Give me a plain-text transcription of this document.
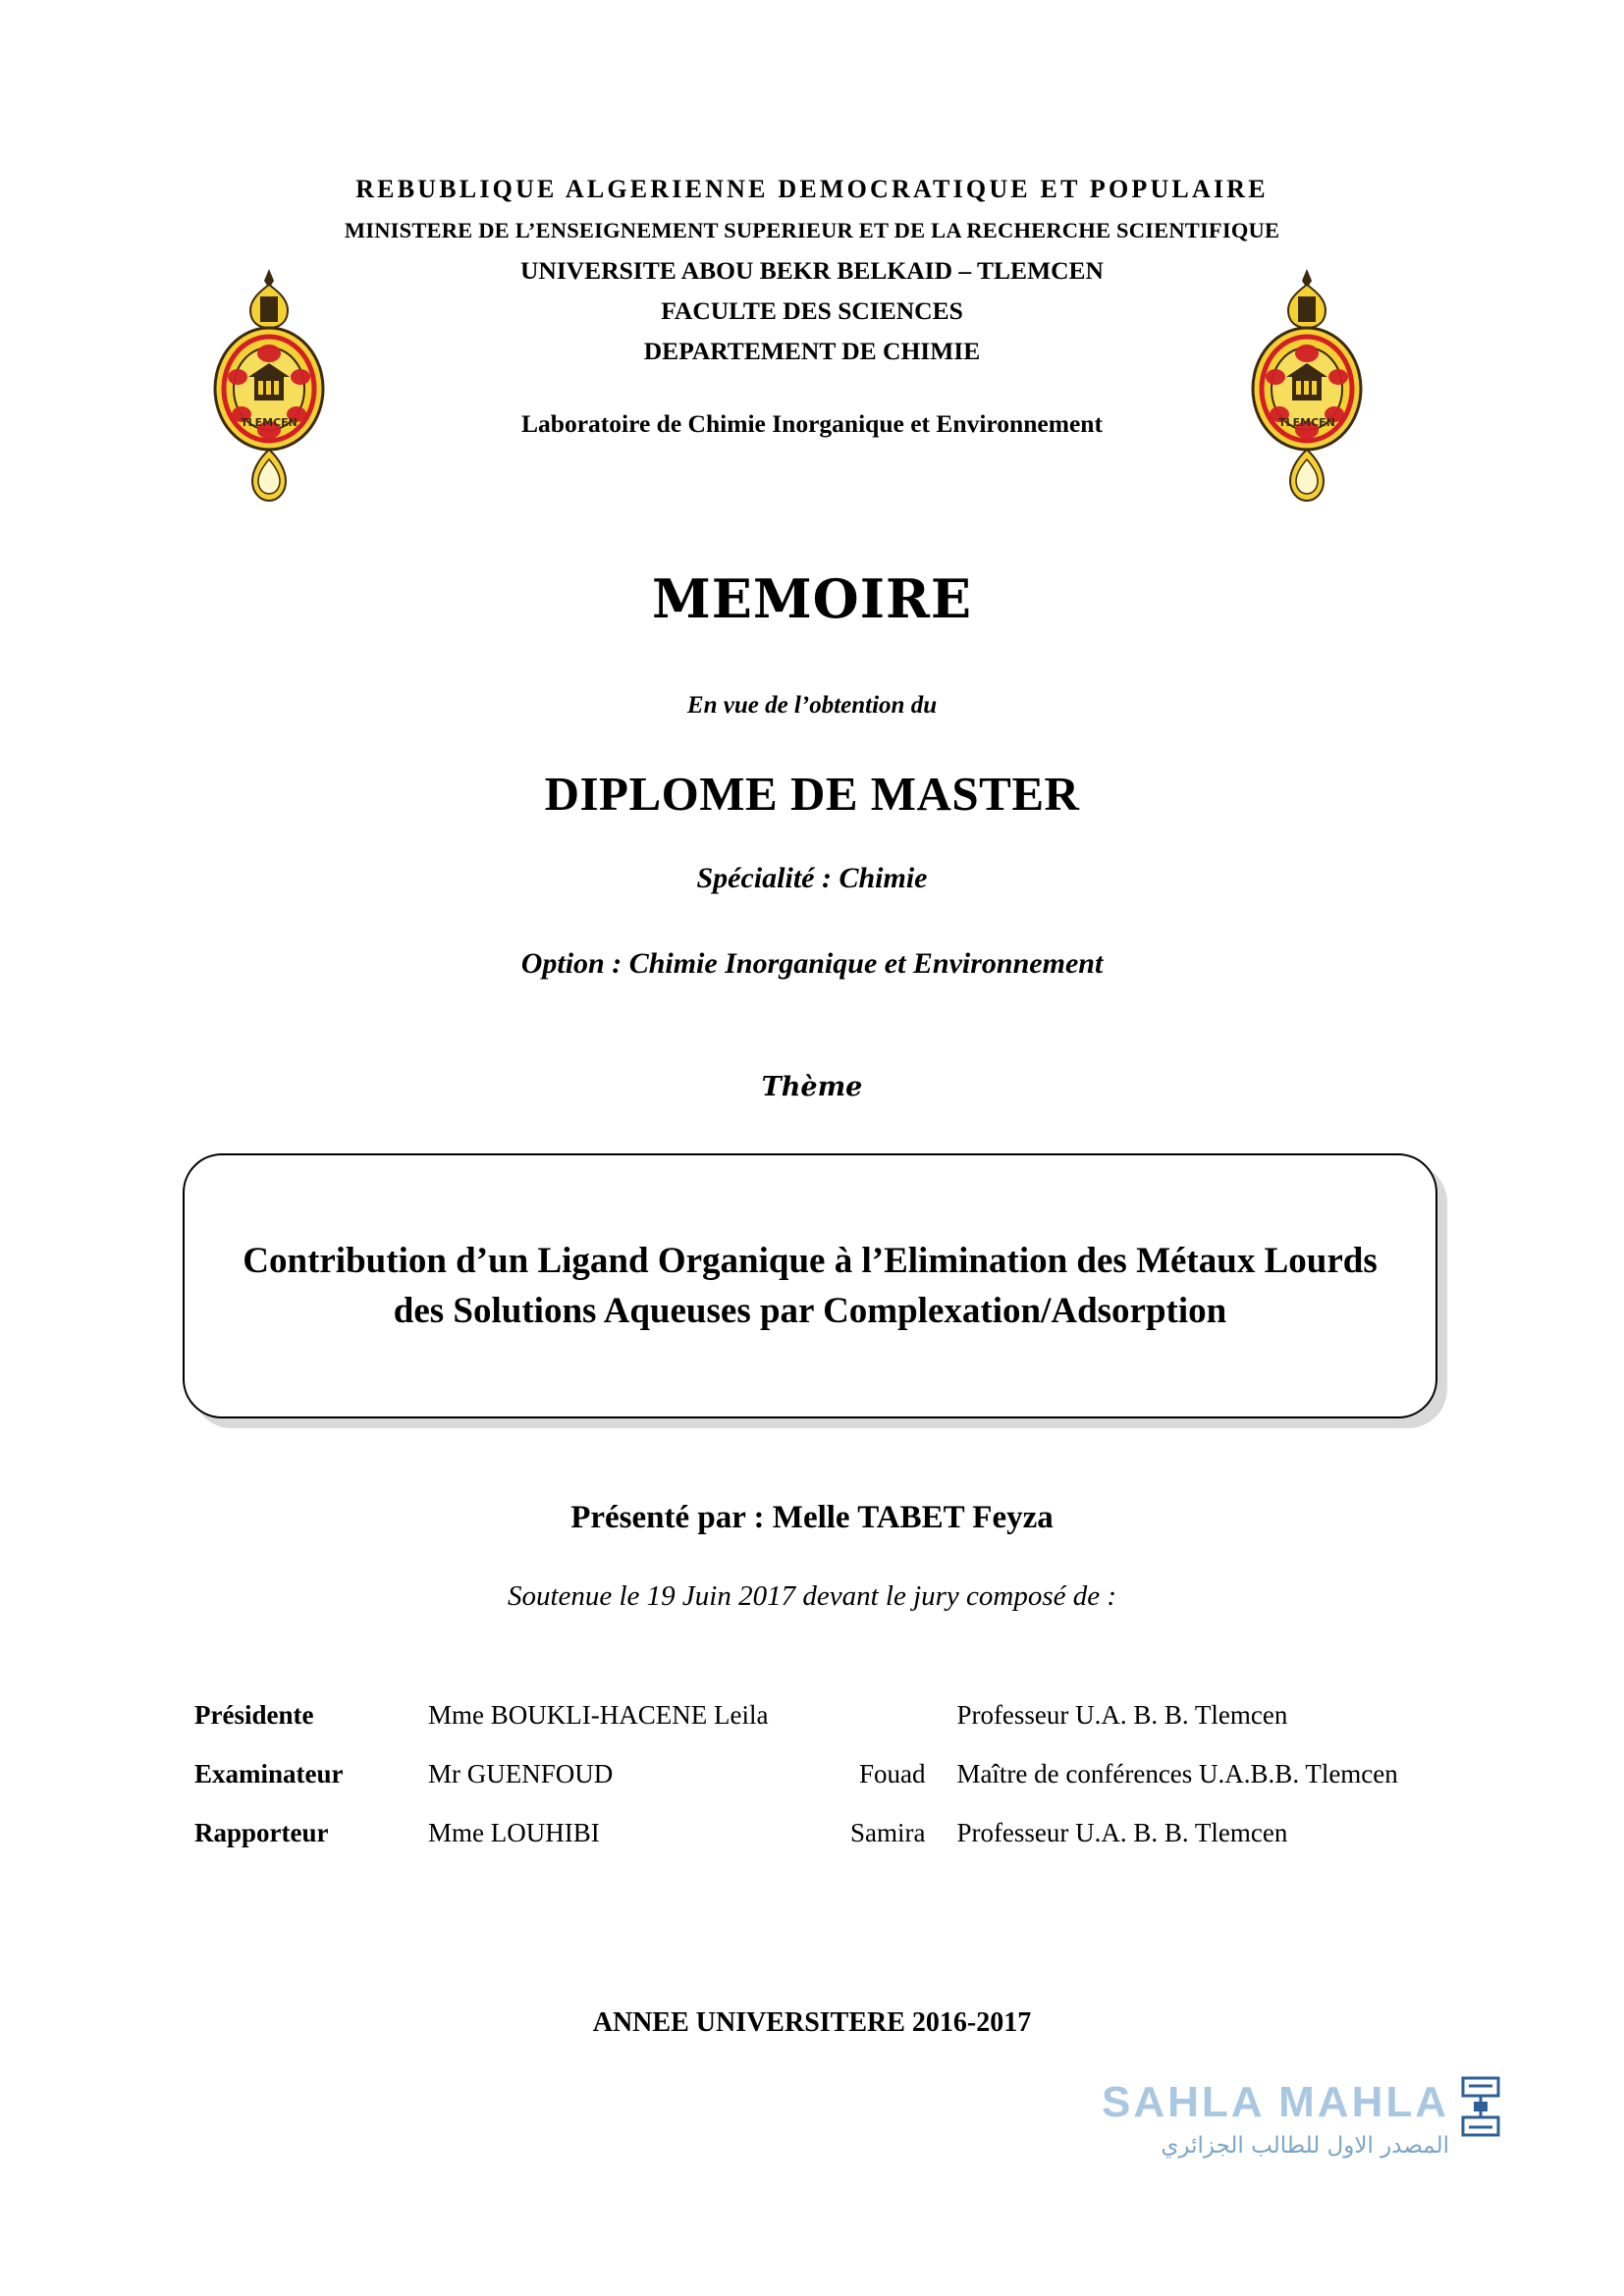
REBUBLIQUE ALGERIENNE DEMOCRATIQUE ET POPULAIRE
MINISTERE DE L’ENSEIGNEMENT SUPERIEUR ET DE LA RECHERCHE SCIENTIFIQUE
UNIVERSITE ABOU BEKR BELKAID – TLEMCEN
FACULTE DES SCIENCES
DEPARTEMENT DE CHIMIE
Laboratoire de Chimie Inorganique et Environnement
TLEMCEN	TLEMCEN
MEMOIRE
En vue de l’obtention du
DIPLOME DE MASTER
Spécialité : Chimie
Option : Chimie Inorganique et Environnement
Thème
Contribution d’un Ligand Organique à l’Elimination des Métaux Lourds des Solutions Aqueuses par Complexation/Adsorption
Présenté par : Melle TABET Feyza
Soutenue le 19 Juin 2017 devant le jury composé de :
Présidente	Mme BOUKLI-HACENE Leila		Professeur U.A. B. B. Tlemcen
Examinateur	Mr GUENFOUD	Fouad	Maître de conférences U.A.B.B. Tlemcen
Rapporteur	Mme LOUHIBI	Samira	Professeur U.A. B. B. Tlemcen
ANNEE UNIVERSITERE 2016-2017
SAHLA MAHLA
المصدر الاول للطالب الجزائري
